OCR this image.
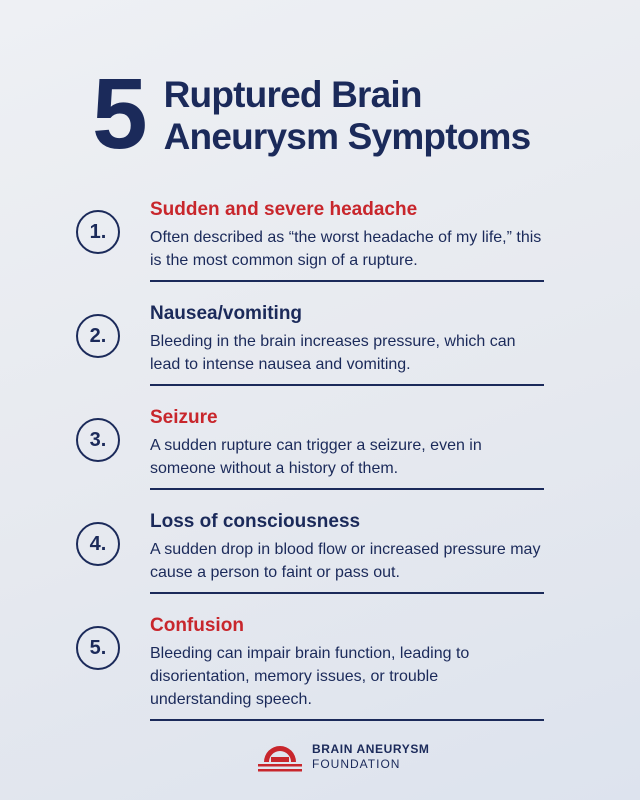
5 Ruptured Brain
Aneurysm Symptoms
1.

Sudden and severe headache

Often described as “the worst headache of my life,” this is the most common sign of a rupture.

2.

Nausea/vomiting

Bleeding in the brain increases pressure, which can lead to intense nausea and vomiting.

3.

Seizure

A sudden rupture can trigger a seizure, even in someone without a history of them.

4.

Loss of consciousness

A sudden drop in blood flow or increased pressure may cause a person to faint or pass out.

5.

Confusion

Bleeding can impair brain function, leading to disorientation, memory issues, or trouble understanding speech.

BRAIN ANEURYSM
FOUNDATION
